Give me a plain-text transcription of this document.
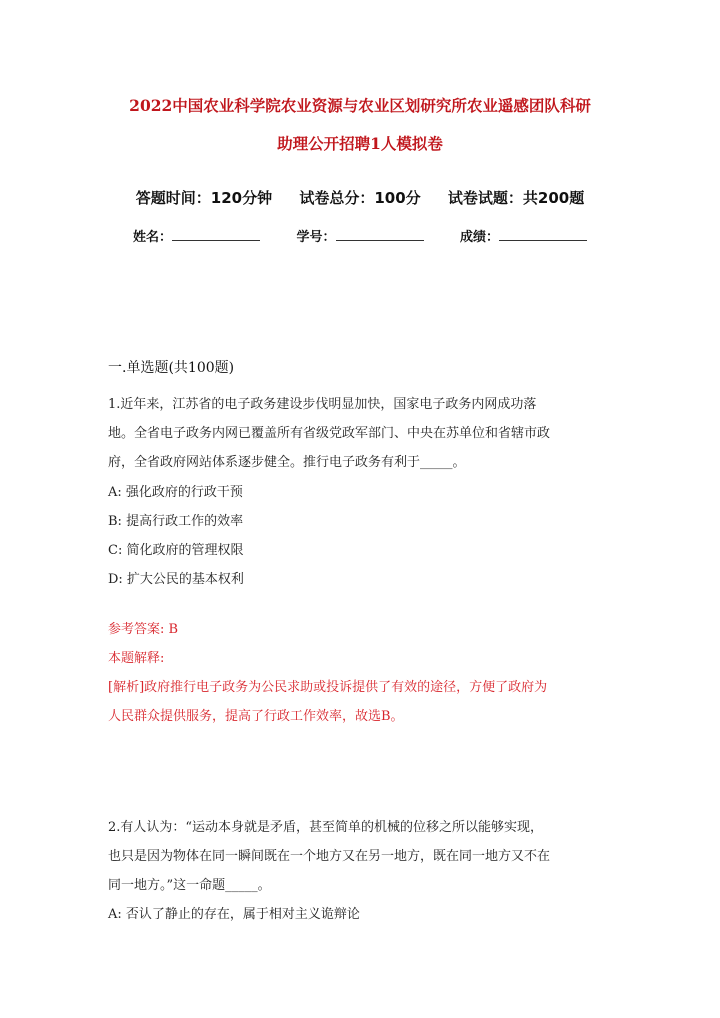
2022中国农业科学院农业资源与农业区划研究所农业遥感团队科研
助理公开招聘1人模拟卷
答题时间：120分钟 试卷总分：100分 试卷试题：共200题
姓名：	学号：	成绩：
一.单选题(共100题)
1.近年来，江苏省的电子政务建设步伐明显加快，国家电子政务内网成功落
地。全省电子政务内网已覆盖所有省级党政军部门、中央在苏单位和省辖市政
府，全省政府网站体系逐步健全。推行电子政务有利于_____。
A: 强化政府的行政干预
B: 提高行政工作的效率
C: 简化政府的管理权限
D: 扩大公民的基本权利
参考答案: B
本题解释:
[解析]政府推行电子政务为公民求助或投诉提供了有效的途径，方便了政府为
人民群众提供服务，提高了行政工作效率，故选B。
2.有人认为：“运动本身就是矛盾，甚至简单的机械的位移之所以能够实现，
也只是因为物体在同一瞬间既在一个地方又在另一地方，既在同一地方又不在
同一地方。”这一命题_____。
A: 否认了静止的存在，属于相对主义诡辩论
